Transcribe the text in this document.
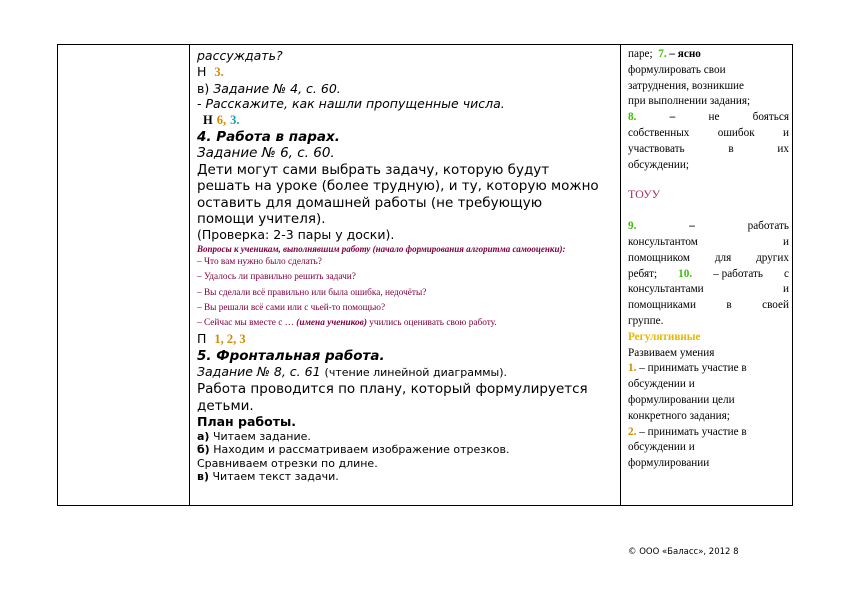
рассуждать?
Н 3.
в) Задание № 4, с. 60.
- Расскажите, как нашли пропущенные числа.
Н 6, 3.
4. Работа в парах.
Задание № 6, с. 60.
Дети могут сами выбрать задачу, которую будут
решать на уроке (более трудную), и ту, которую можно
оставить для домашней работы (не требующую
помощи учителя).
(Проверка: 2-3 пары у доски).
Вопросы к ученикам, выполнявшим работу (начало формирования алгоритма самооценки):
– Что вам нужно было сделать?
– Удалось ли правильно решить задачи?
– Вы сделали всё правильно или была ошибка, недочёты?
– Вы решали всё сами или с чьей-то помощью?
– Сейчас мы вместе с … (имена учеников) учились оценивать свою работу.
П 1, 2, 3
5. Фронтальная работа.
Задание № 8, с. 61 (чтение линейной диаграммы).
Работа проводится по плану, который формулируется
детьми.
План работы.
а) Читаем задание.
б) Находим и рассматриваем изображение отрезков.
Сравниваем отрезки по длине.
в) Читаем текст задачи.
паре; 7. – ясно
формулировать свои
затруднения, возникшие
при выполнении задания;
8.	–	не	бояться
собственных	ошибок	и
участвовать	в	их
обсуждении;
ТОУУ
9.	–	работать
консультантом	и
помощником для других
ребят; 10. – работать с
консультантами	и
помощниками	в	своей
группе.
Регулятивные
Развиваем умения
1. – принимать участие в
обсуждении и
формулировании цели
конкретного задания;
2. – принимать участие в
обсуждении и
формулировании
© ООО «Баласс», 2012 8
